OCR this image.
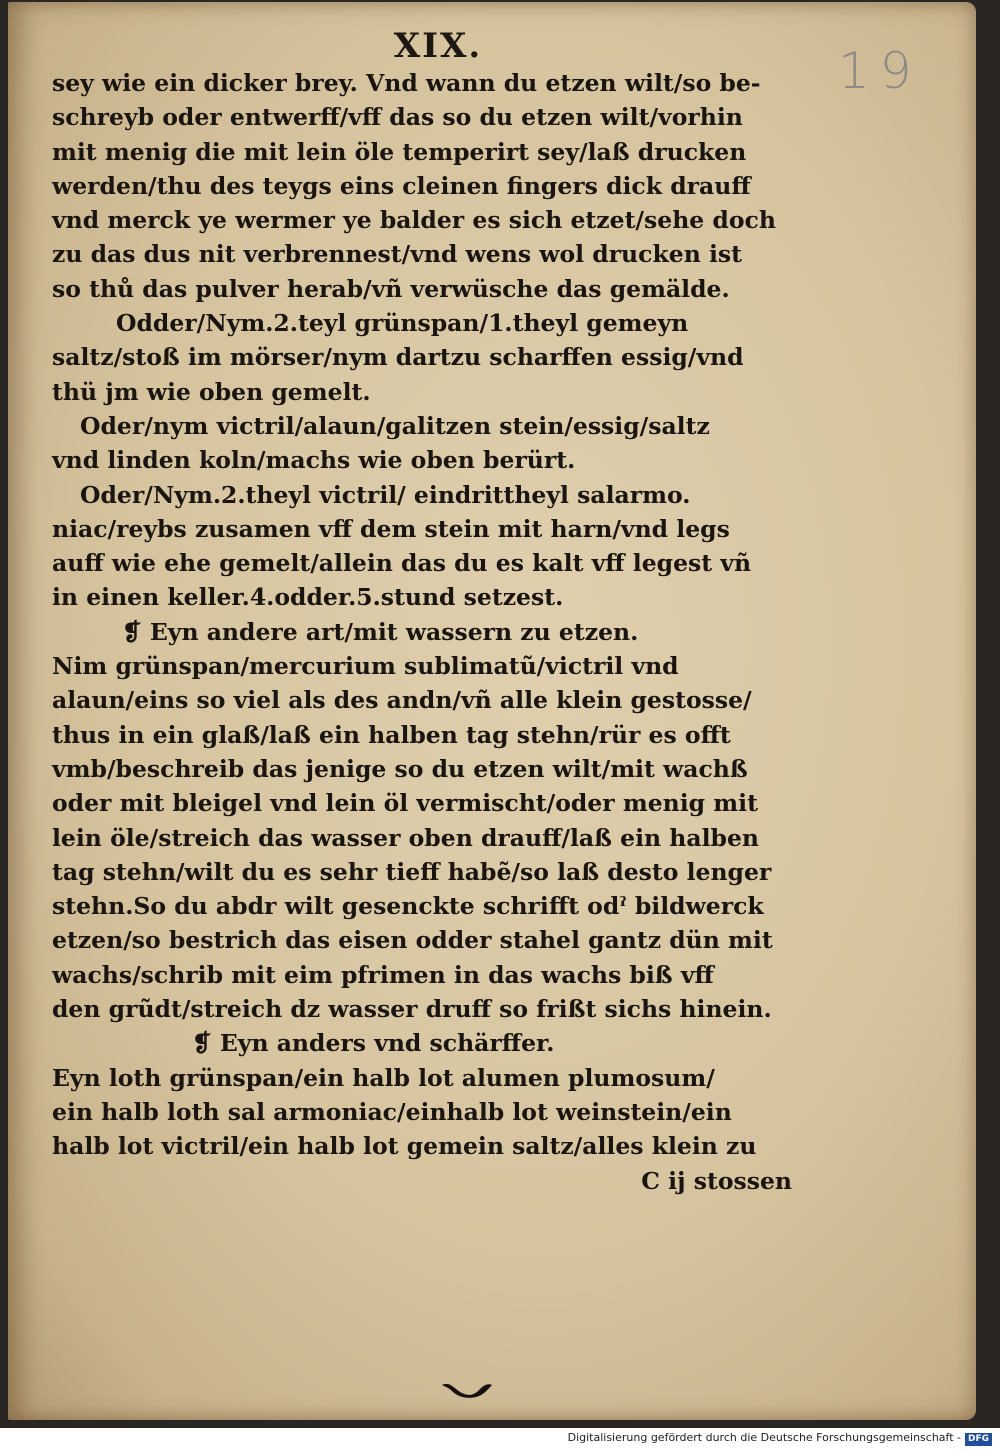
XIX.	19
sey wie ein dicker brey. Vnd wann du etzen wilt/so be-
schreyb oder entwerff/vff das so du etzen wilt/vorhin
mit menig die mit lein öle temperirt sey/laß drucken
werden/thu des teygs eins cleinen fingers dick drauff
vnd merck ye wermer ye balder es sich etzet/sehe doch
zu das dus nit verbrennest/vnd wens wol drucken ist
so thů das pulver herab/vñ verwüsche das gemälde.
Odder/Nym.2.teyl grünspan/1.theyl gemeyn
saltz/stoß im mörser/nym dartzu scharffen essig/vnd
thü jm wie oben gemelt.
Oder/nym victril/alaun/galitzen stein/essig/saltz
vnd linden koln/machs wie oben berürt.
Oder/Nym.2.theyl victril/ eindrittheyl salarmo.
niac/reybs zusamen vff dem stein mit harn/vnd legs
auff wie ehe gemelt/allein das du es kalt vff legest vñ
in einen keller.4.odder.5.stund setzest.
❡ Eyn andere art/mit wassern zu etzen.
Nim grünspan/mercurium sublimatũ/victril vnd
alaun/eins so viel als des andn/vñ alle klein gestosse/
thus in ein glaß/laß ein halben tag stehn/rür es offt
vmb/beschreib das jenige so du etzen wilt/mit wachß
oder mit bleigel vnd lein öl vermischt/oder menig mit
lein öle/streich das wasser oben drauff/laß ein halben
tag stehn/wilt du es sehr tieff habẽ/so laß desto lenger
stehn.So du abdr wilt gesenckte schrifft odˀ bildwerck
etzen/so bestrich das eisen odder stahel gantz dün mit
wachs/schrib mit eim pfrimen in das wachs biß vff
den grũdt/streich dz wasser druff so frißt sichs hinein.
❡ Eyn anders vnd schärffer.
Eyn loth grünspan/ein halb lot alumen plumosum/
ein halb loth sal armoniac/einhalb lot weinstein/ein
halb lot victril/ein halb lot gemein saltz/alles klein zu
C ij stossen
Digitalisierung gefördert durch die Deutsche Forschungsgemeinschaft - DFG
